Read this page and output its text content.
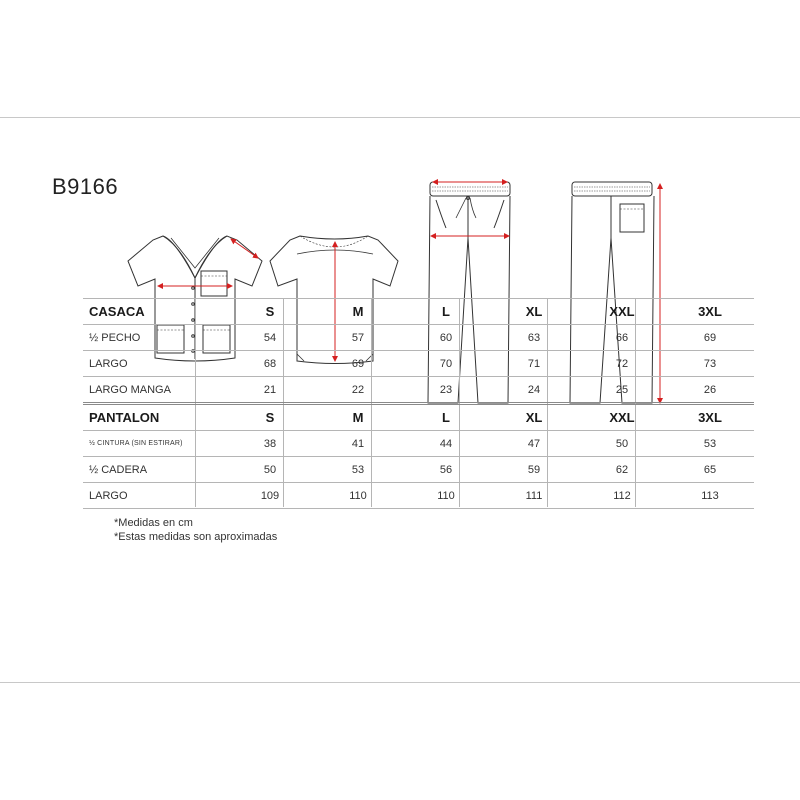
B9166
CASACA	S	M	L	XL	XXL	3XL
½ PECHO	54	57	60	63	66	69
LARGO	68	69	70	71	72	73
LARGO MANGA	21	22	23	24	25	26
PANTALON	S	M	L	XL	XXL	3XL
½ CINTURA (SIN ESTIRAR)	38	41	44	47	50	53
½ CADERA	50	53	56	59	62	65
LARGO	109	110	110	111	112	113
*Medidas en cm
*Estas medidas son aproximadas
